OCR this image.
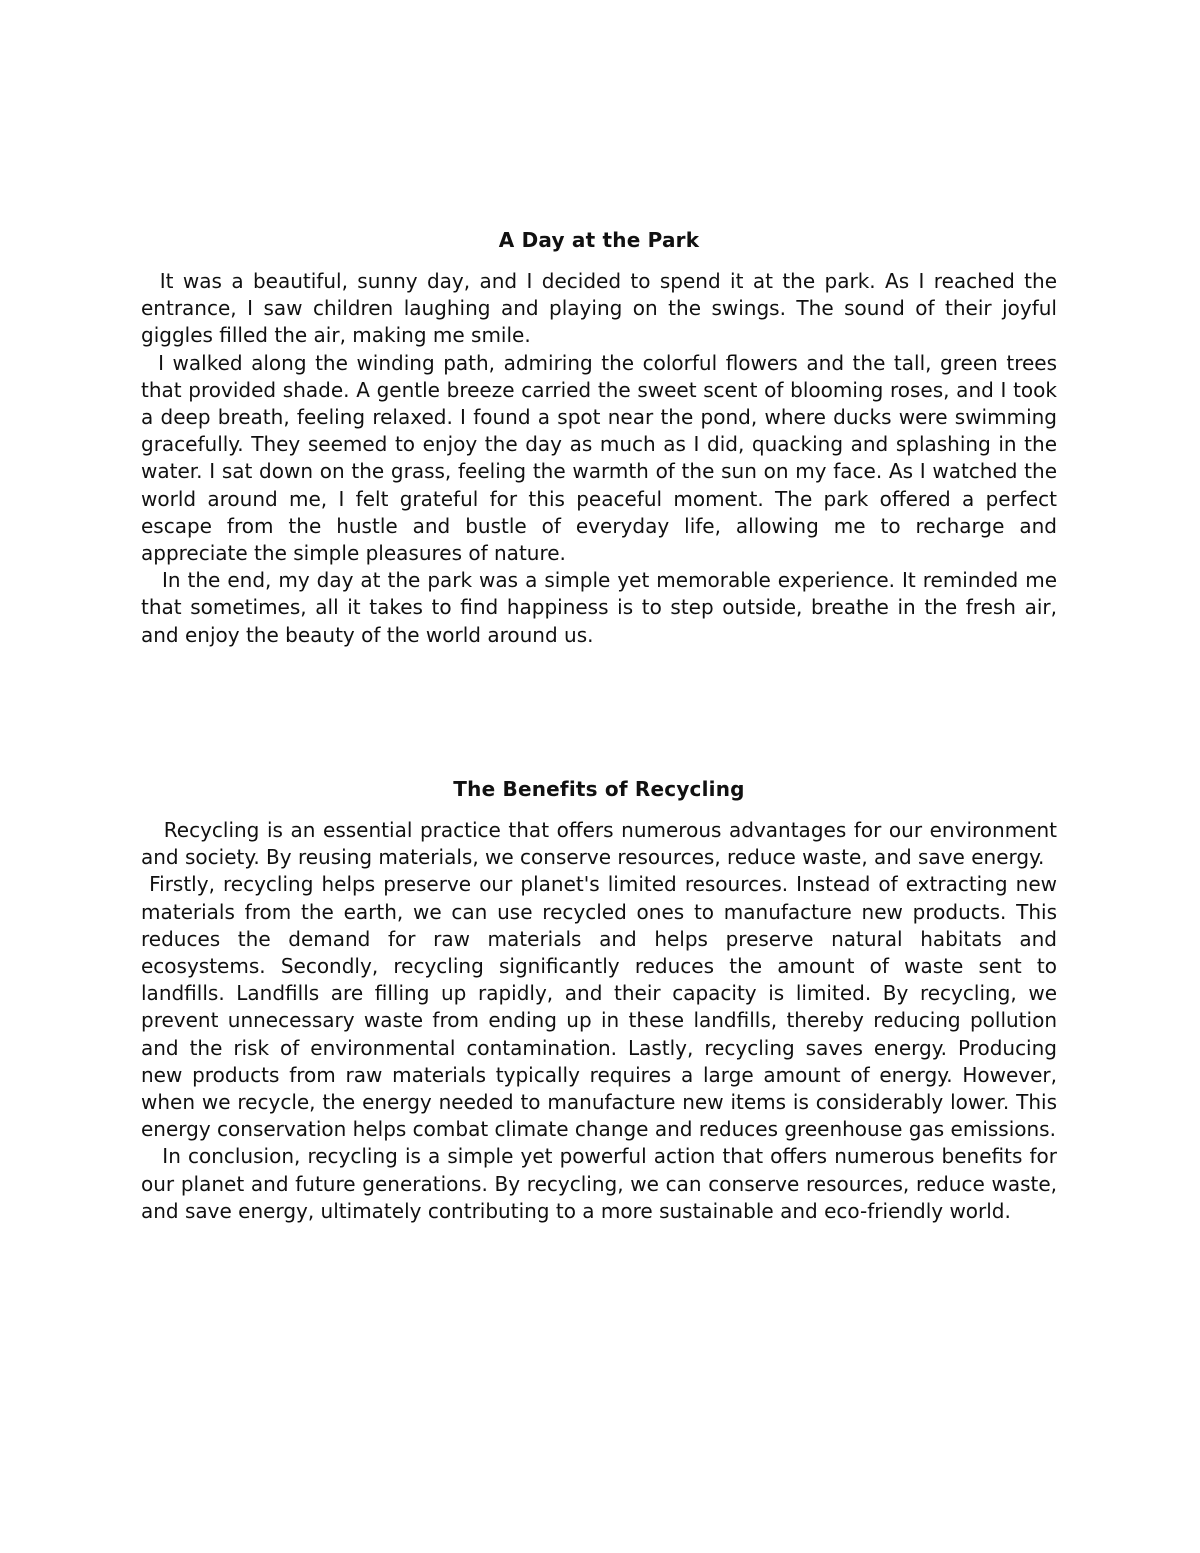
A Day at the Park

It was a beautiful, sunny day, and I decided to spend it at the park. As I reached the entrance, I saw children laughing and playing on the swings. The sound of their joyful giggles filled the air, making me smile.

I walked along the winding path, admiring the colorful flowers and the tall, green trees that provided shade. A gentle breeze carried the sweet scent of blooming roses, and I took a deep breath, feeling relaxed. I found a spot near the pond, where ducks were swimming gracefully. They seemed to enjoy the day as much as I did, quacking and splashing in the water. I sat down on the grass, feeling the warmth of the sun on my face. As I watched the world around me, I felt grateful for this peaceful moment. The park offered a perfect escape from the hustle and bustle of everyday life, allowing me to recharge and appreciate the simple pleasures of nature.

In the end, my day at the park was a simple yet memorable experience. It reminded me that sometimes, all it takes to find happiness is to step outside, breathe in the fresh air, and enjoy the beauty of the world around us.

The Benefits of Recycling

Recycling is an essential practice that offers numerous advantages for our environment and society. By reusing materials, we conserve resources, reduce waste, and save energy.

Firstly, recycling helps preserve our planet's limited resources. Instead of extracting new materials from the earth, we can use recycled ones to manufacture new products. This reduces the demand for raw materials and helps preserve natural habitats and ecosystems. Secondly, recycling significantly reduces the amount of waste sent to landfills. Landfills are filling up rapidly, and their capacity is limited. By recycling, we prevent unnecessary waste from ending up in these landfills, thereby reducing pollution and the risk of environmental contamination. Lastly, recycling saves energy. Producing new products from raw materials typically requires a large amount of energy. However, when we recycle, the energy needed to manufacture new items is considerably lower. This energy conservation helps combat climate change and reduces greenhouse gas emissions.

In conclusion, recycling is a simple yet powerful action that offers numerous benefits for our planet and future generations. By recycling, we can conserve resources, reduce waste, and save energy, ultimately contributing to a more sustainable and eco-friendly world.
